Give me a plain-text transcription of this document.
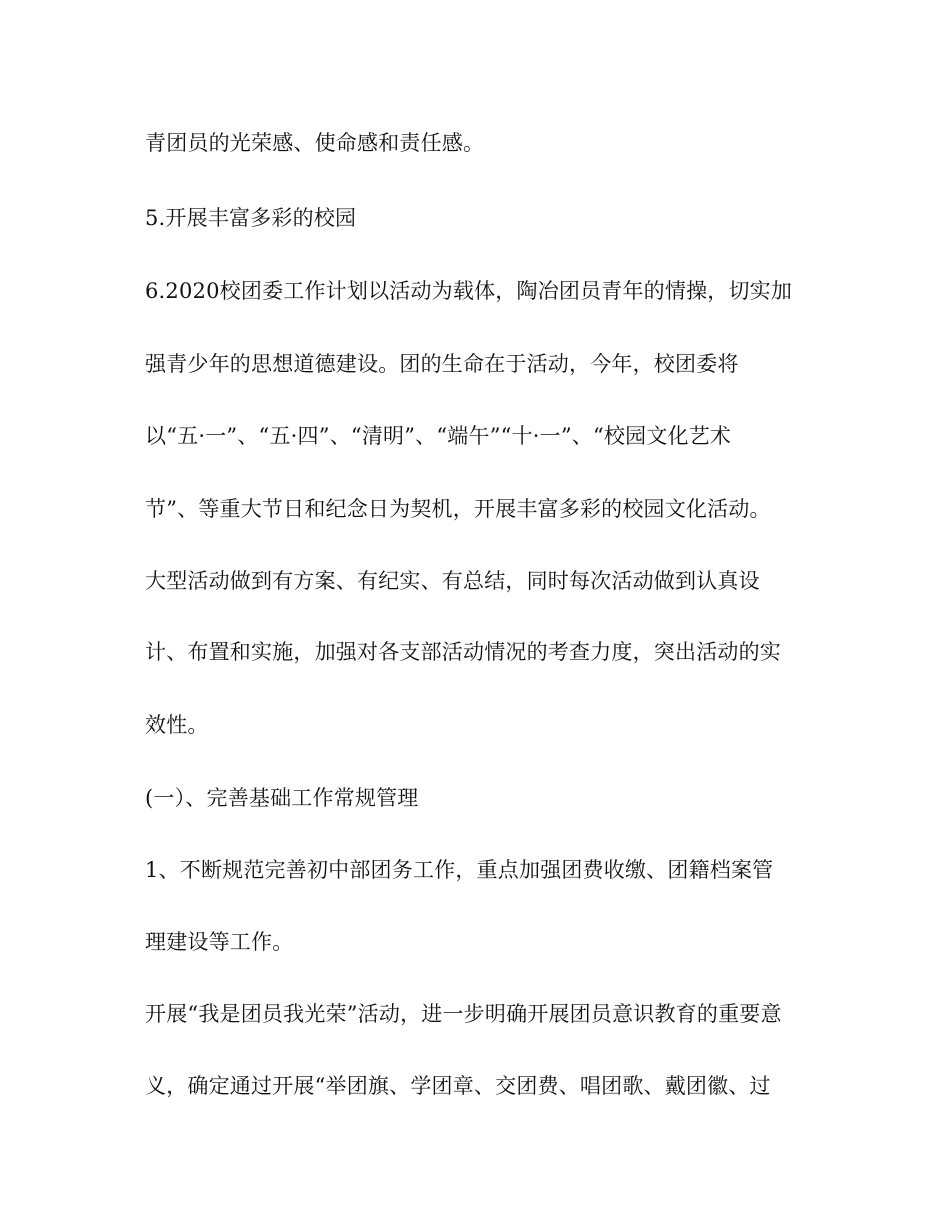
青团员的光荣感、使命感和责任感。
5.开展丰富多彩的校园
6.2020校团委工作计划以活动为载体，陶冶团员青年的情操，切实加
强青少年的思想道德建设。团的生命在于活动，今年，校团委将
以“五·一”、“五·四”、“清明”、“端午”“十·一”、“校园文化艺术
节”、等重大节日和纪念日为契机，开展丰富多彩的校园文化活动。
大型活动做到有方案、有纪实、有总结，同时每次活动做到认真设
计、布置和实施，加强对各支部活动情况的考查力度，突出活动的实
效性。
(一）、完善基础工作常规管理
1、不断规范完善初中部团务工作，重点加强团费收缴、团籍档案管
理建设等工作。
开展“我是团员我光荣”活动，进一步明确开展团员意识教育的重要意
义，确定通过开展“举团旗、学团章、交团费、唱团歌、戴团徽、过
